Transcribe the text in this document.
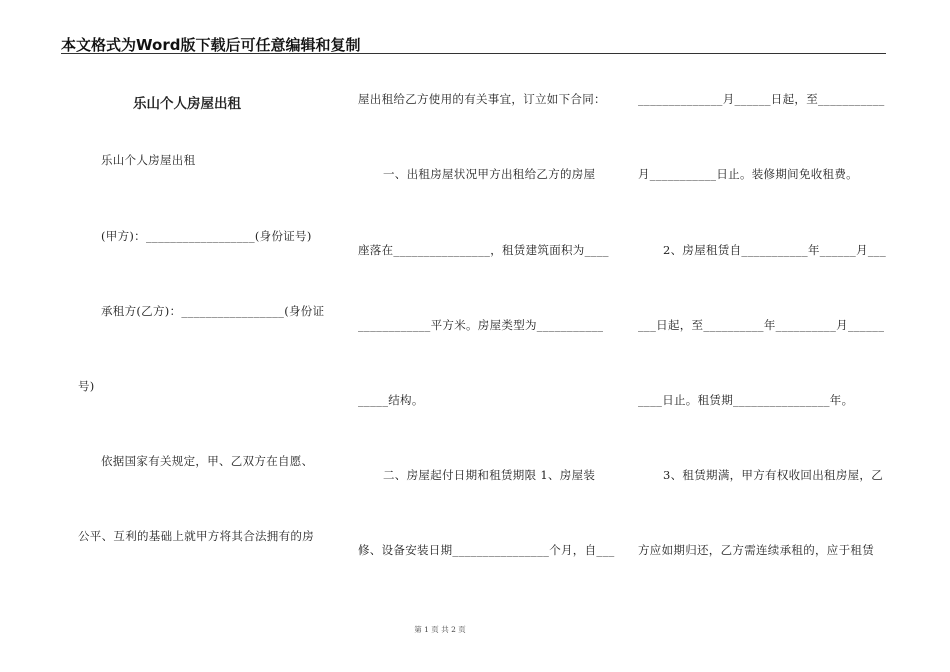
本文格式为Word版下载后可任意编辑和复制
乐山个人房屋出租
乐山个人房屋出租
(甲方)：__________________(身份证号)
承租方(乙方)：_________________(身份证
号)
依据国家有关规定，甲、乙双方在自愿、
公平、互利的基础上就甲方将其合法拥有的房
屋出租给乙方使用的有关事宜，订立如下合同：
一、出租房屋状况甲方出租给乙方的房屋
座落在________________，租赁建筑面积为____
____________平方米。房屋类型为___________
_____结构。
二、房屋起付日期和租赁期限 1、房屋装
修、设备安装日期________________个月，自___
______________月______日起，至___________
月___________日止。装修期间免收租费。
2、房屋租赁自___________年______月___
___日起，至__________年__________月______
____日止。租赁期________________年。
3、租赁期满，甲方有权收回出租房屋，乙
方应如期归还，乙方需连续承租的，应于租赁
第 1 页 共 2 页
